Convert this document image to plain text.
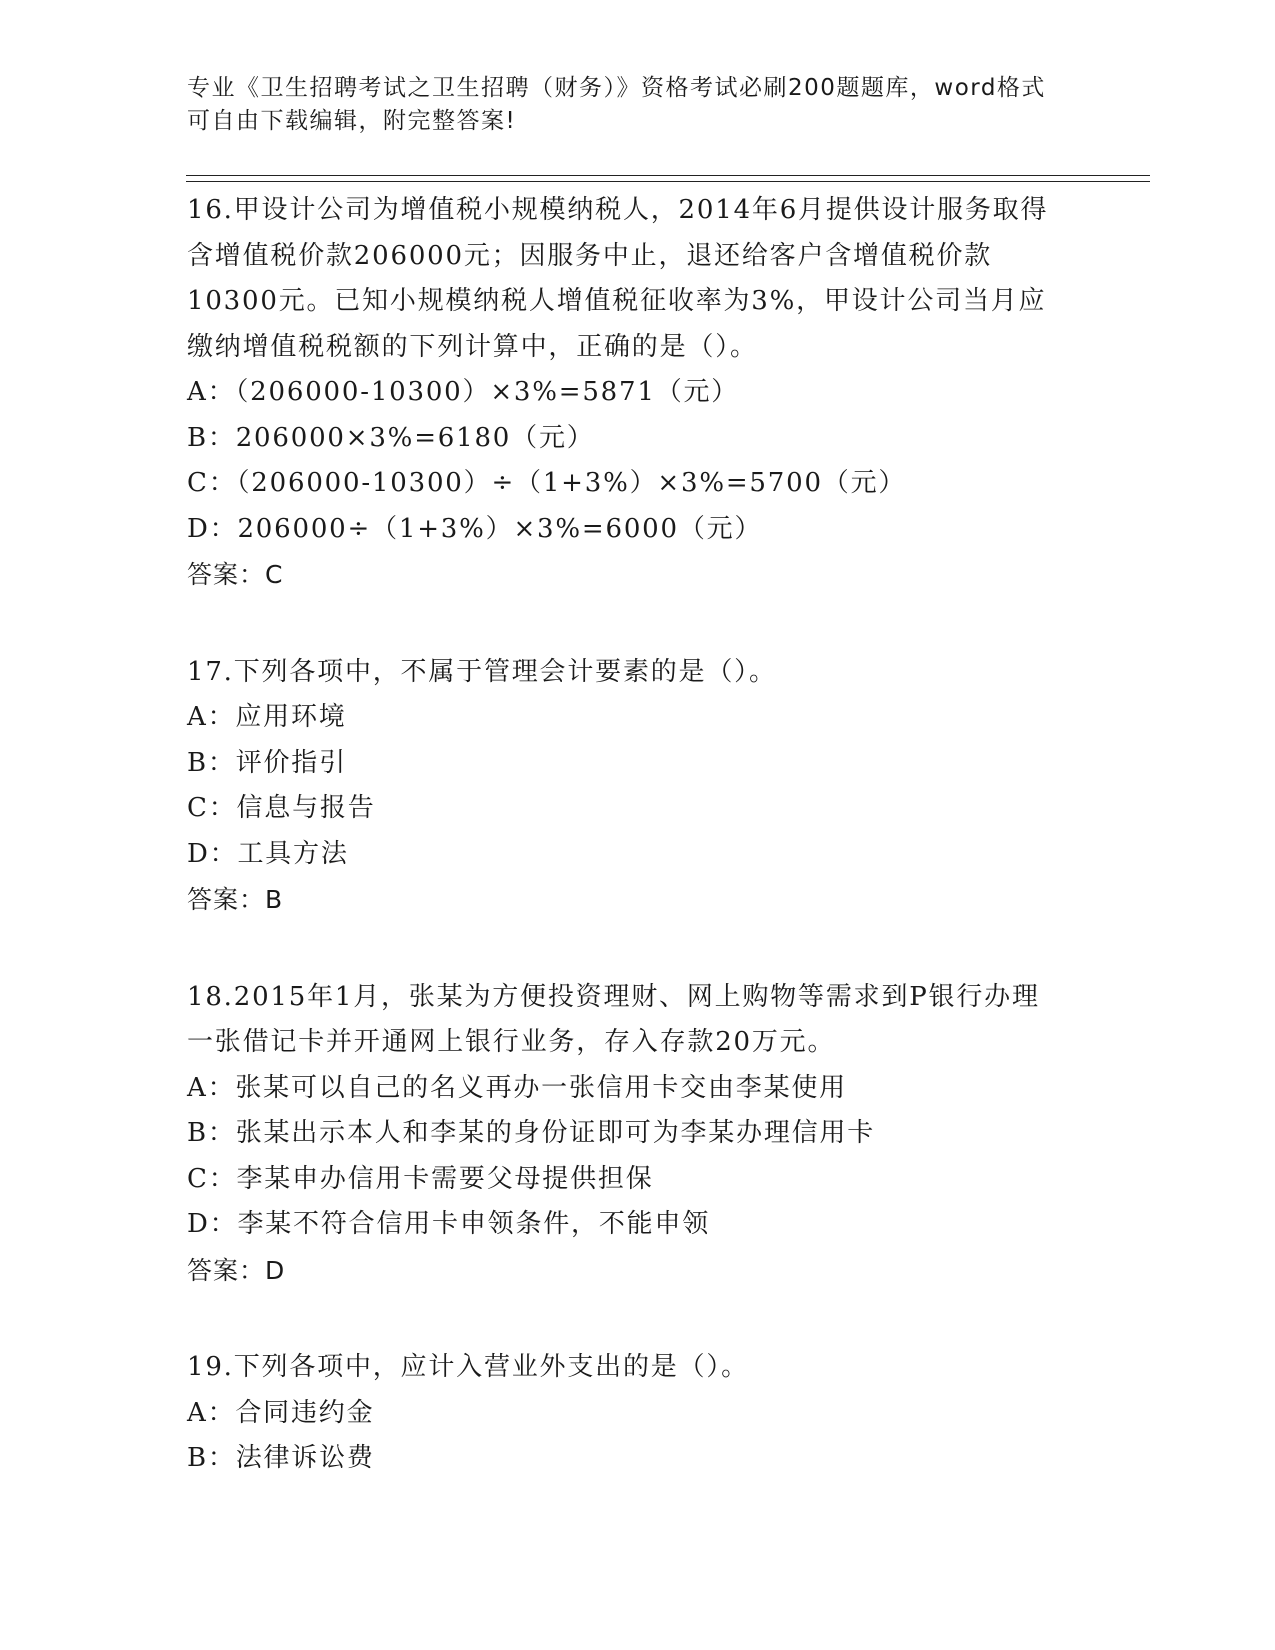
专业《卫生招聘考试之卫生招聘（财务）》资格考试必刷200题题库，word格式
可自由下载编辑，附完整答案!
16.甲设计公司为增值税小规模纳税人，2014年6月提供设计服务取得
含增值税价款206000元；因服务中止，退还给客户含增值税价款
10300元。已知小规模纳税人增值税征收率为3%，甲设计公司当月应
缴纳增值税税额的下列计算中，正确的是（）。
A：（206000-10300）×3%=5871（元）
B：206000×3%=6180（元）
C：（206000-10300）÷（1+3%）×3%=5700（元）
D：206000÷（1+3%）×3%=6000（元）
答案：C
17.下列各项中，不属于管理会计要素的是（）。
A：应用环境
B：评价指引
C：信息与报告
D：工具方法
答案：B
18.2015年1月，张某为方便投资理财、网上购物等需求到P银行办理
一张借记卡并开通网上银行业务，存入存款20万元。
A：张某可以自己的名义再办一张信用卡交由李某使用
B：张某出示本人和李某的身份证即可为李某办理信用卡
C：李某申办信用卡需要父母提供担保
D：李某不符合信用卡申领条件，不能申领
答案：D
19.下列各项中，应计入营业外支出的是（）。
A：合同违约金
B：法律诉讼费
